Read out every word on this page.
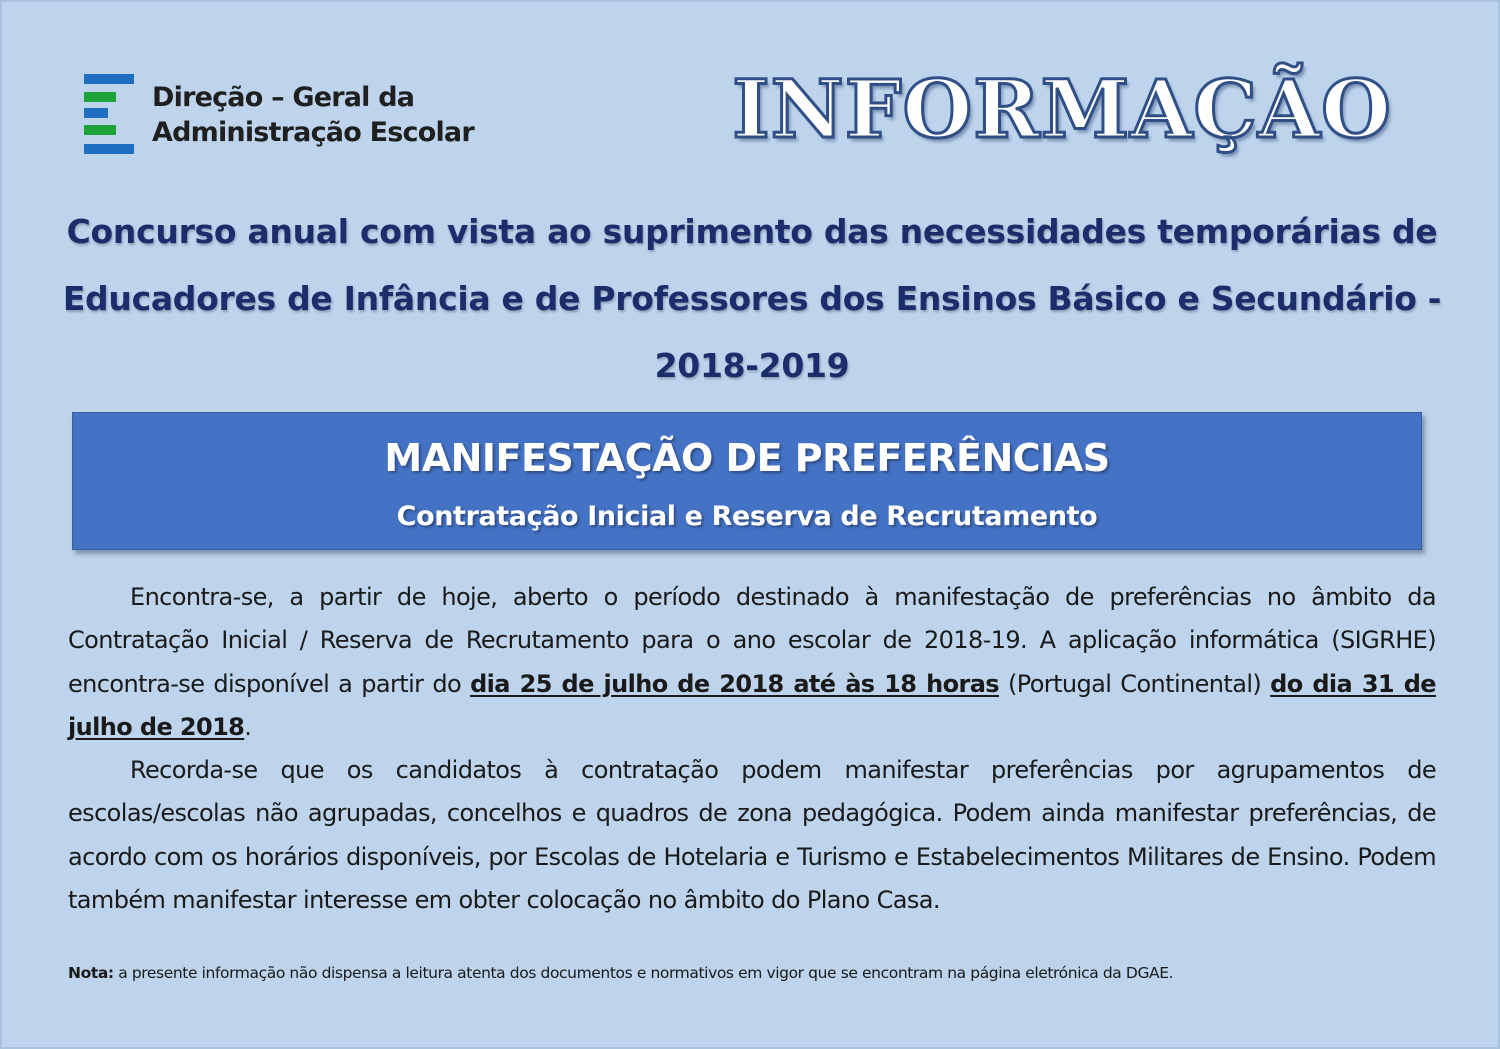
Direção – Geral da
Administração Escolar	INFORMAÇÃO
Concurso anual com vista ao suprimento das necessidades temporárias de
Educadores de Infância e de Professores dos Ensinos Básico e Secundário -
2018-2019
MANIFESTAÇÃO DE PREFERÊNCIAS
Contratação Inicial e Reserva de Recrutamento

Encontra-se, a partir de hoje, aberto o período destinado à manifestação de preferências no âmbito da Contratação Inicial / Reserva de Recrutamento para o ano escolar de 2018-19. A aplicação informática (SIGRHE) encontra-se disponível a partir do dia 25 de julho de 2018 até às 18 horas (Portugal Continental) do dia 31 de julho de 2018.

Recorda-se que os candidatos à contratação podem manifestar preferências por agrupamentos de escolas/escolas não agrupadas, concelhos e quadros de zona pedagógica. Podem ainda manifestar preferências, de acordo com os horários disponíveis, por Escolas de Hotelaria e Turismo e Estabelecimentos Militares de Ensino. Podem também manifestar interesse em obter colocação no âmbito do Plano Casa.

Nota: a presente informação não dispensa a leitura atenta dos documentos e normativos em vigor que se encontram na página eletrónica da DGAE.
